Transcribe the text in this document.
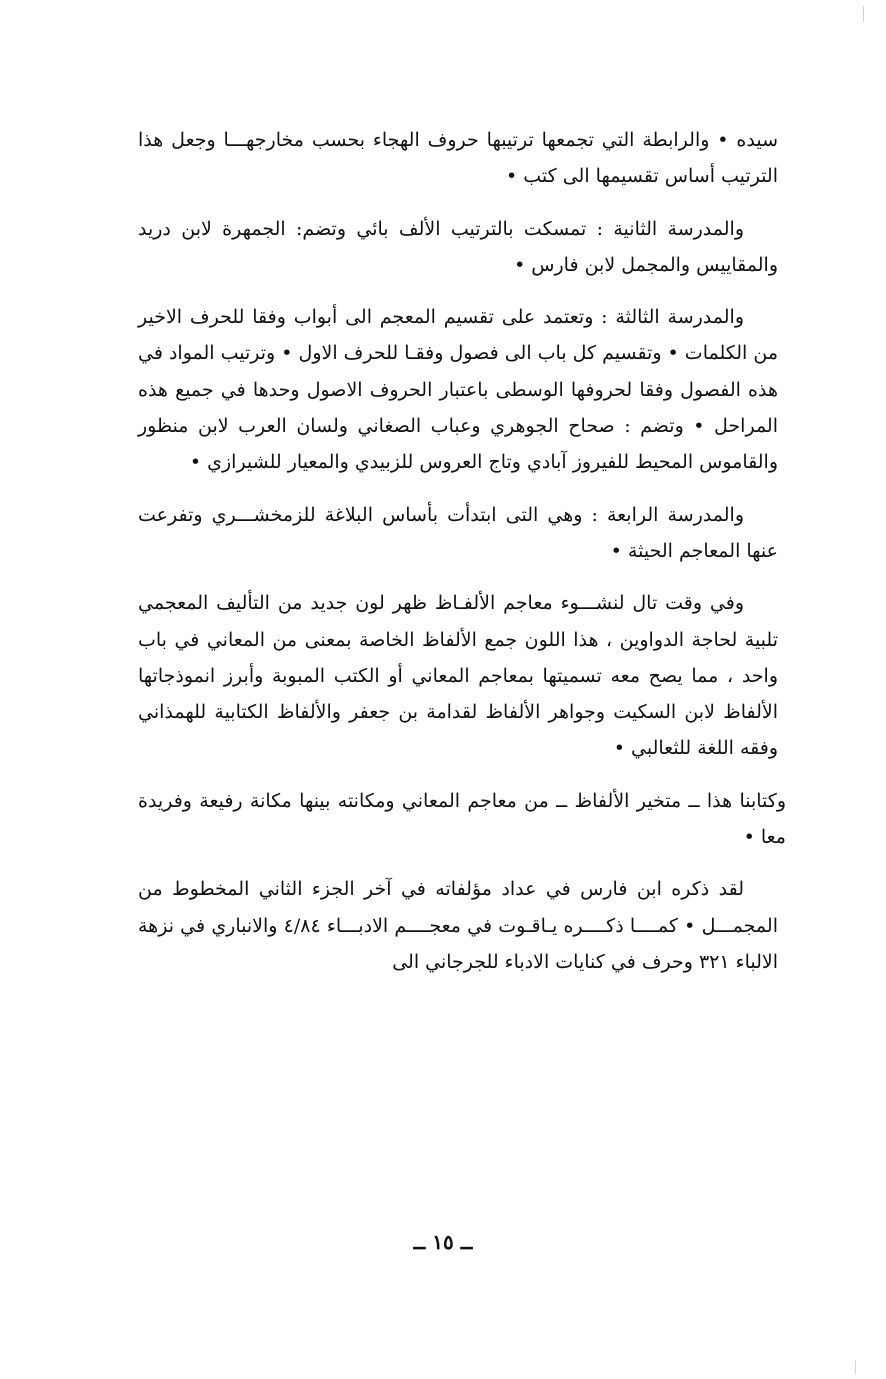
سيده • والرابطة التي تجمعها ترتيبها حروف الهجاء بحسب مخارجهـــا وجعل هذا الترتيب أساس تقسيمها الى كتب •

والمدرسة الثانية : تمسكت بالترتيب الألف بائي وتضم: الجمهرة لابن دريد والمقاييس والمجمل لابن فارس •

والمدرسة الثالثة : وتعتمد على تقسيم المعجم الى أبواب وفقا للحرف الاخير من الكلمات • وتقسيم كل باب الى فصول وفقـا للحرف الاول • وترتيب المواد في هذه الفصول وفقا لحروفها الوسطى باعتبار الحروف الاصول وحدها في جميع هذه المراحل • وتضم : صحاح الجوهري وعباب الصغاني ولسان العرب لابن منظور والقاموس المحيط للفيروز آبادي وتاج العروس للزبيدي والمعيار للشيرازي •

والمدرسة الرابعة : وهي التى ابتدأت بأساس البلاغة للزمخشـــري وتفرعت عنها المعاجم الحيثة •

وفي وقت تال لنشـــوء معاجم الألفـاظ ظهر لون جديد من التأليف المعجمي تلبية لحاجة الدواوين ، هذا اللون جمع الألفاظ الخاصة بمعنى من المعاني في باب واحد ، مما يصح معه تسميتها بمعاجم المعاني أو الكتب المبوبة وأبرز انموذجاتها الألفاظ لابن السكيت وجواهر الألفاظ لقدامة بن جعفر والألفاظ الكتابية للهمذاني وفقه اللغة للثعالبي •

وكتابنا هذا ــ متخير الألفاظ ــ من معاجم المعاني ومكانته بينها مكانة رفيعة وفريدة معا •

لقد ذكره ابن فارس في عداد مؤلفاته في آخر الجزء الثاني المخطوط من المجمـــل • كمــــا ذكــــره يـاقـوت في معجــــم الادبـــاء ٤/٨٤ والانباري في نزهة الالباء ٣٢١ وحرف في كنايات الادباء للجرجاني الى

ــ ١٥ ــ
